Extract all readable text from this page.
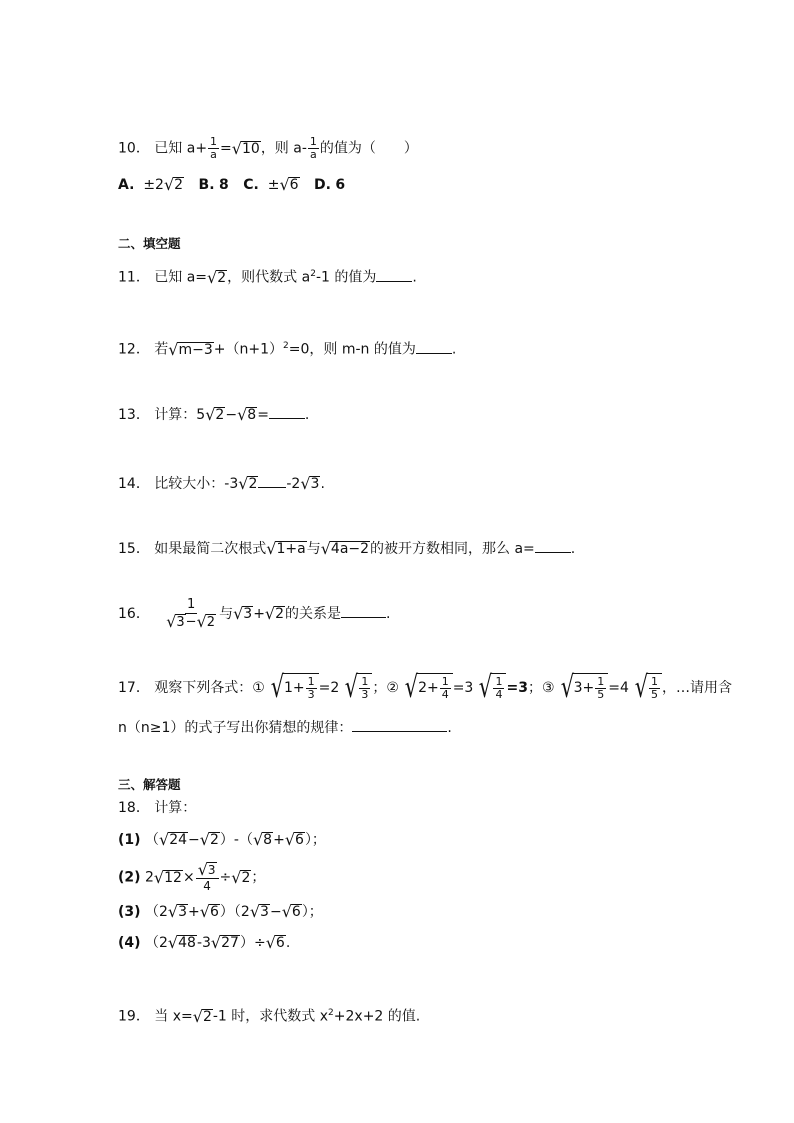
10． 已知 $a+ \frac{1}{a}$ = √ 10 ，则 $a- \frac{1}{a}$ 的值为（　　）
A. ±2 √ 2 B. 8 C. ± √ 6 D. 6
二、填空题
11． 已知 a= √ 2 ，则代数式 $a^2-1$ 的值为	.
12． 若 √ $m-3 +(n+1)^2=0$，则 m-n 的值为	.
13． 计算：5 √ 2 − √ 8 =	.
14． 比较大小：-3 √ 2 -2 √ 3 .
15． 如果最简二次根式 √ 1+a 与 √ 4a−2 的被开方数相同，那么 a=	.
16． $\frac{1}{√ 3 - √ 2}$ 与 √ 3 + √ 2 的关系是	.
17． 观察下列各式：① √ $1+ \frac{1}{3} =2$ √ $\frac{1}{3}$ ；② √ $2+ \frac{1}{4} =3$ √ $\frac{1}{4} =3$；③ √ $3+ \frac{1}{5} =4$ √ $\frac{1}{5}$ ，…请用含
n（n≥1）的式子写出你猜想的规律：	.
三、解答题
18． 计算：
(1) （ √ 24 − √ 2 ）-（ √ 8 + √ 6 ）；
(2) 2 √ $12 \times \frac{√ 3}{4}$ ÷ √ 2 ；
(3) （2 √ 3 + √ 6 ）（2 √ 3 − √ 6 ）；
(4) （2 √ 48 -3 √ 27 ）÷ √ 6 .
19． 当 x= √ 2 -1 时，求代数式 $x^2+2x+2$ 的值.
